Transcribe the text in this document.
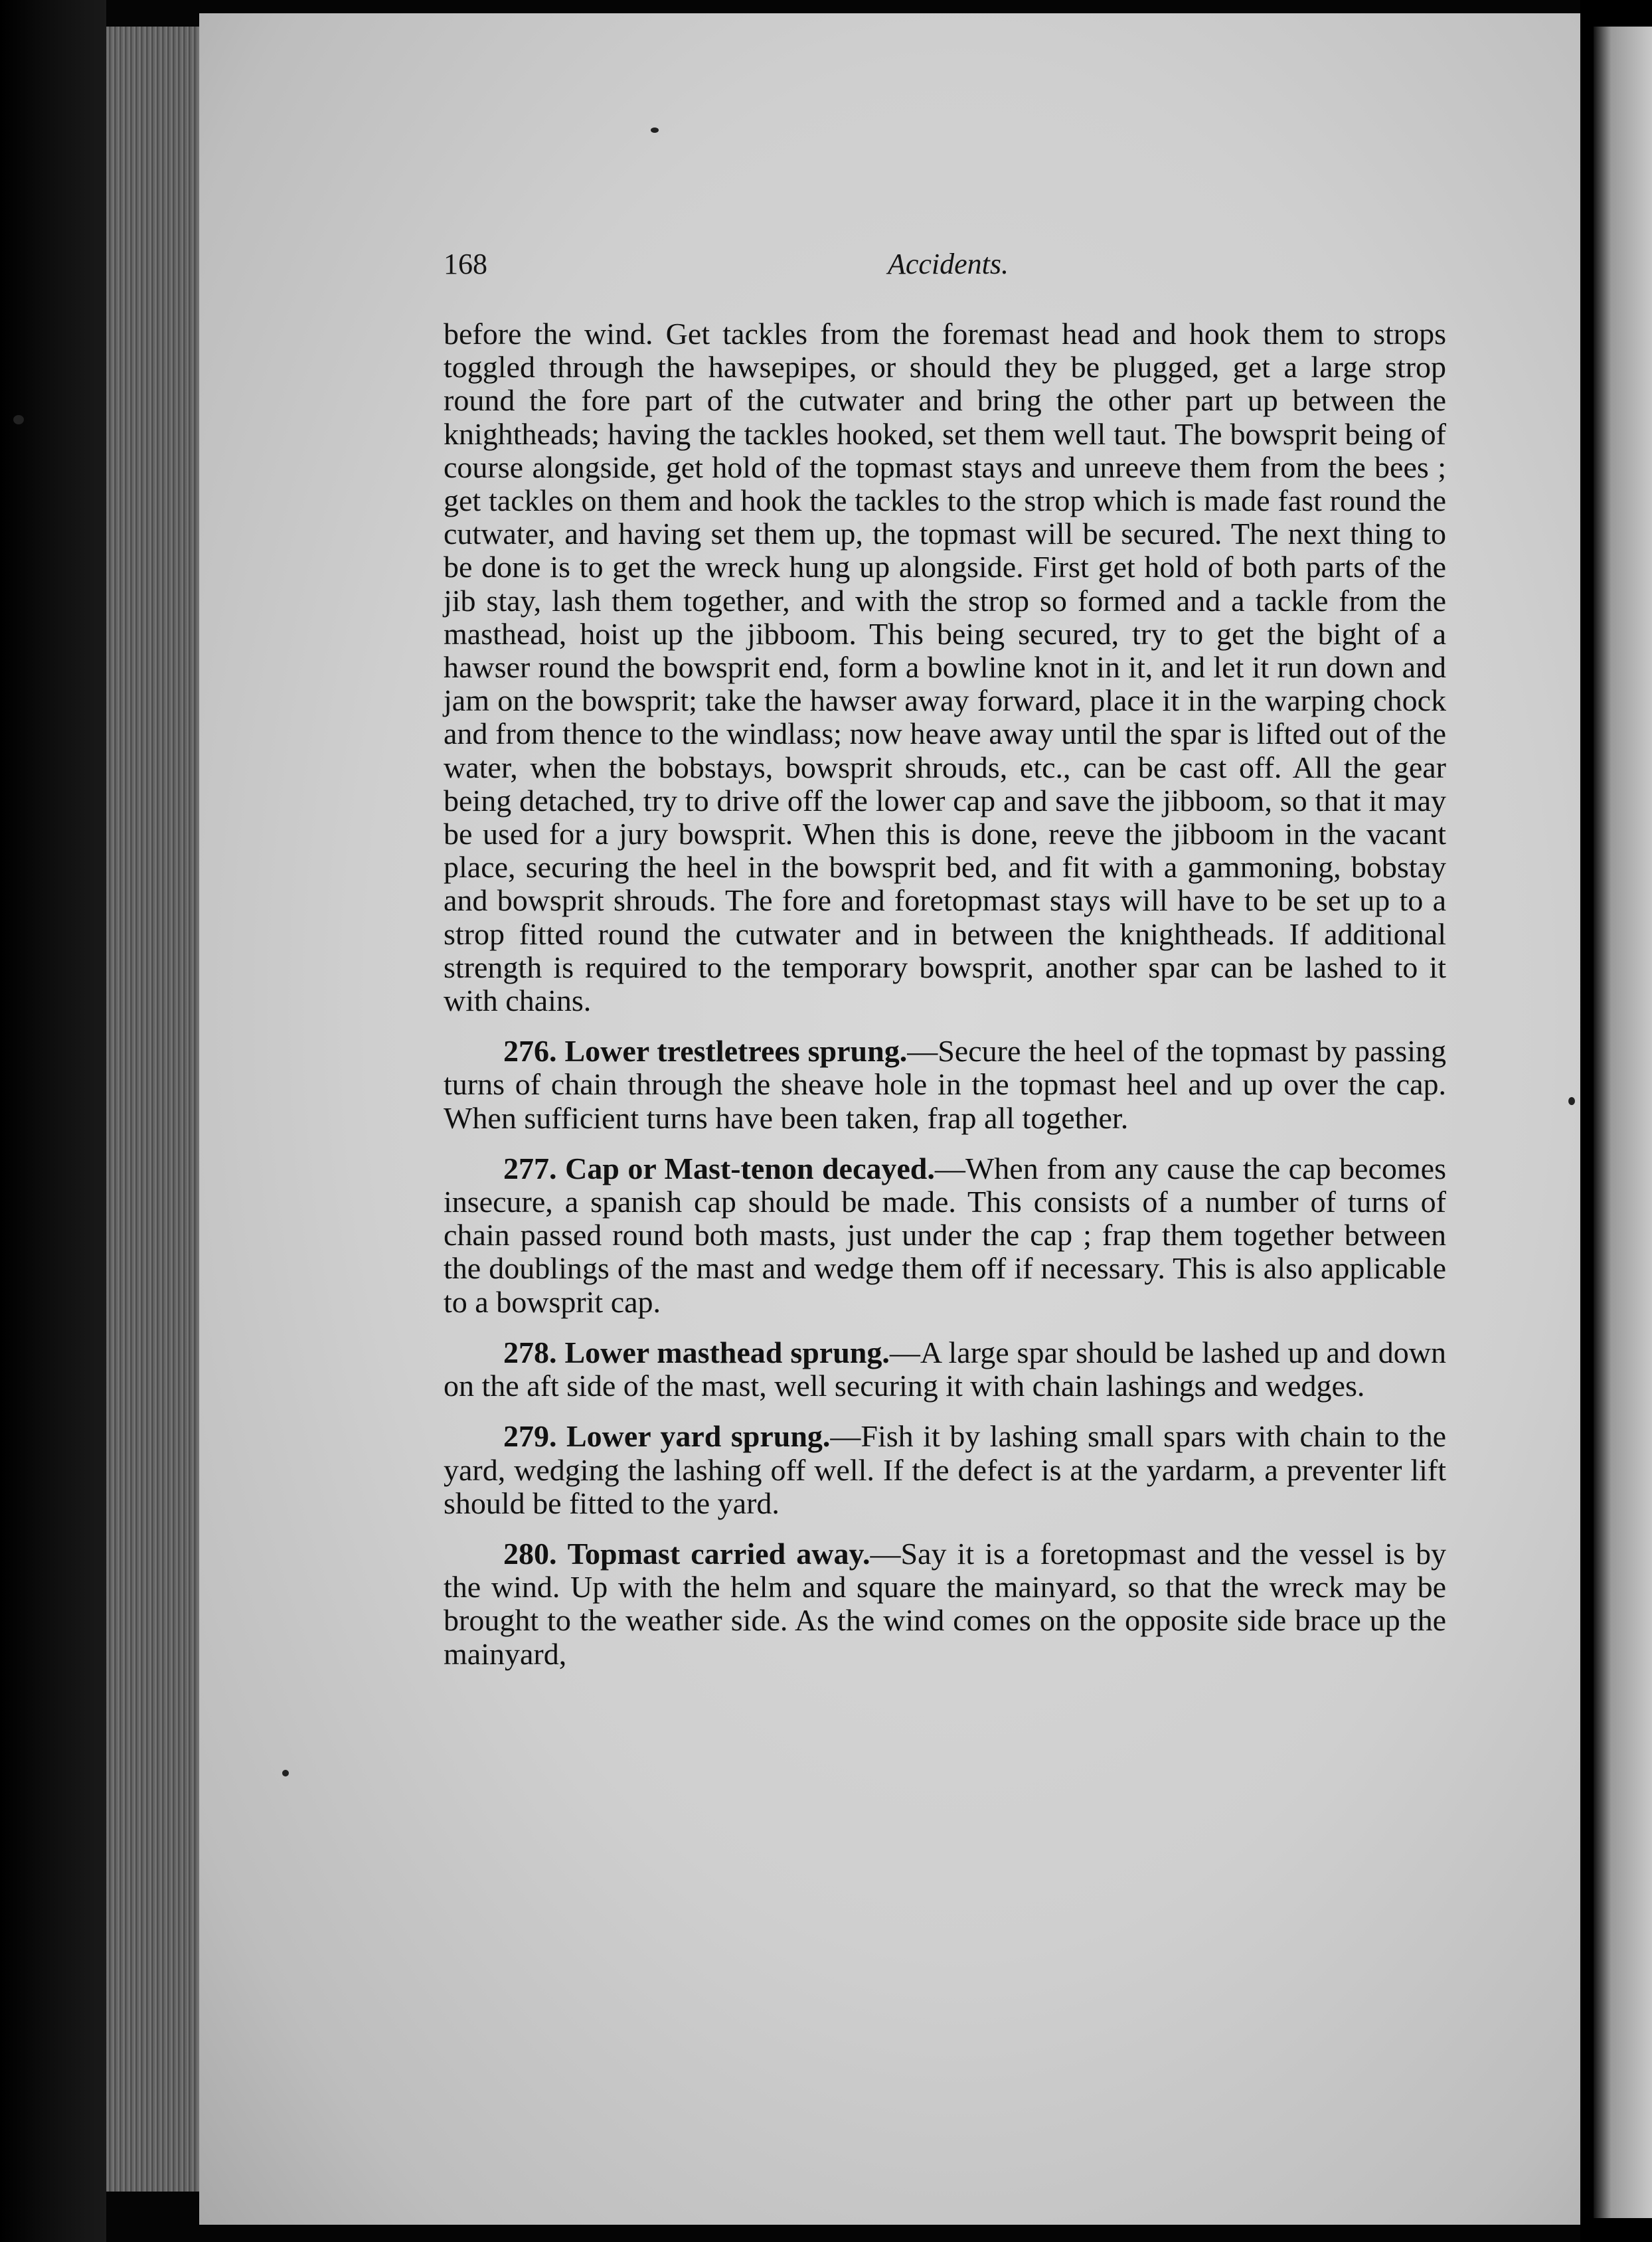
168	Accidents.

before the wind. Get tackles from the foremast head and hook them to strops toggled through the hawsepipes, or should they be plugged, get a large strop round the fore part of the cutwater and bring the other part up between the knightheads; having the tackles hooked, set them well taut. The bowsprit being of course alongside, get hold of the topmast stays and unreeve them from the bees ; get tackles on them and hook the tackles to the strop which is made fast round the cutwater, and having set them up, the topmast will be secured. The next thing to be done is to get the wreck hung up alongside. First get hold of both parts of the jib stay, lash them together, and with the strop so formed and a tackle from the masthead, hoist up the jibboom. This being secured, try to get the bight of a hawser round the bowsprit end, form a bowline knot in it, and let it run down and jam on the bowsprit; take the hawser away forward, place it in the warping chock and from thence to the windlass; now heave away until the spar is lifted out of the water, when the bobstays, bowsprit shrouds, etc., can be cast off. All the gear being detached, try to drive off the lower cap and save the jibboom, so that it may be used for a jury bowsprit. When this is done, reeve the jibboom in the vacant place, securing the heel in the bowsprit bed, and fit with a gammoning, bobstay and bowsprit shrouds. The fore and foretopmast stays will have to be set up to a strop fitted round the cutwater and in between the knightheads. If additional strength is required to the temporary bowsprit, another spar can be lashed to it with chains.

276. Lower trestletrees sprung.—Secure the heel of the topmast by passing turns of chain through the sheave hole in the topmast heel and up over the cap. When sufficient turns have been taken, frap all together.

277. Cap or Mast-tenon decayed.—When from any cause the cap becomes insecure, a spanish cap should be made. This consists of a number of turns of chain passed round both masts, just under the cap ; frap them together between the doublings of the mast and wedge them off if necessary. This is also applicable to a bowsprit cap.

278. Lower masthead sprung.—A large spar should be lashed up and down on the aft side of the mast, well securing it with chain lashings and wedges.

279. Lower yard sprung.—Fish it by lashing small spars with chain to the yard, wedging the lashing off well. If the defect is at the yardarm, a preventer lift should be fitted to the yard.

280. Topmast carried away.—Say it is a foretopmast and the vessel is by the wind. Up with the helm and square the mainyard, so that the wreck may be brought to the weather side. As the wind comes on the opposite side brace up the mainyard,
